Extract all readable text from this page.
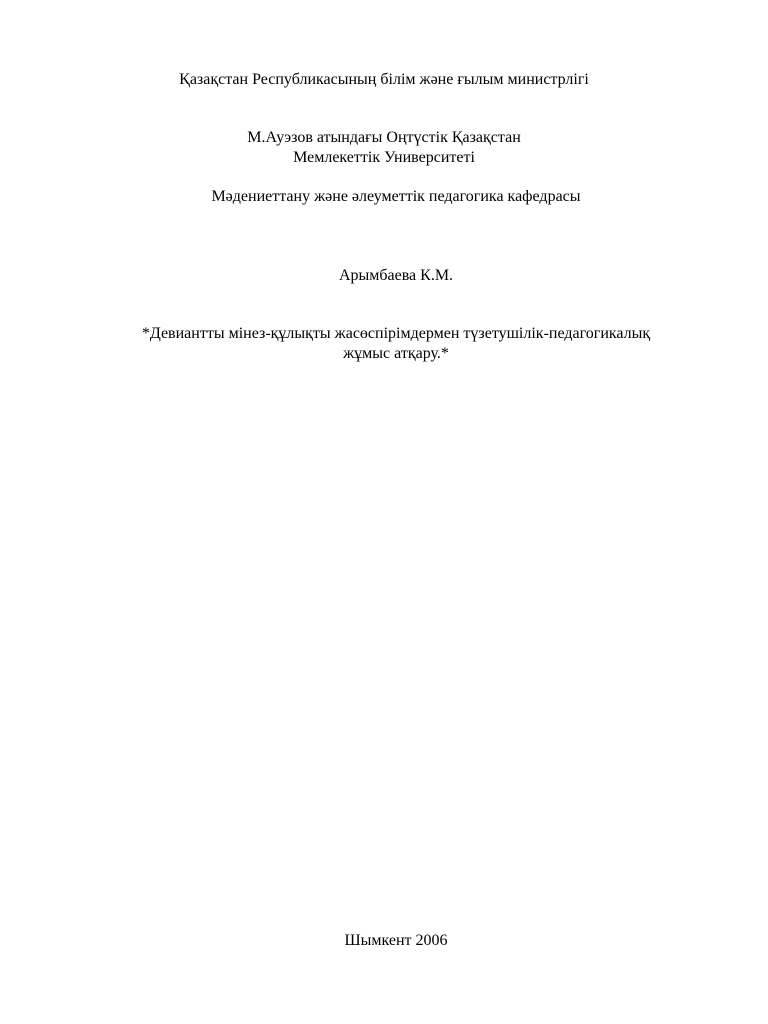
Қазақстан Республикасының білім және ғылым министрлігі

М.Ауэзов атындағы Оңтүстік Қазақстан

Мемлекеттік Университеті

Мәдениеттану және әлеуметтік педагогика кафедрасы

Арымбаева К.М.

*Девиантты мінез-құлықты жасөспірімдермен түзетушілік-педагогикалық

жұмыс атқару.*

Шымкент 2006
